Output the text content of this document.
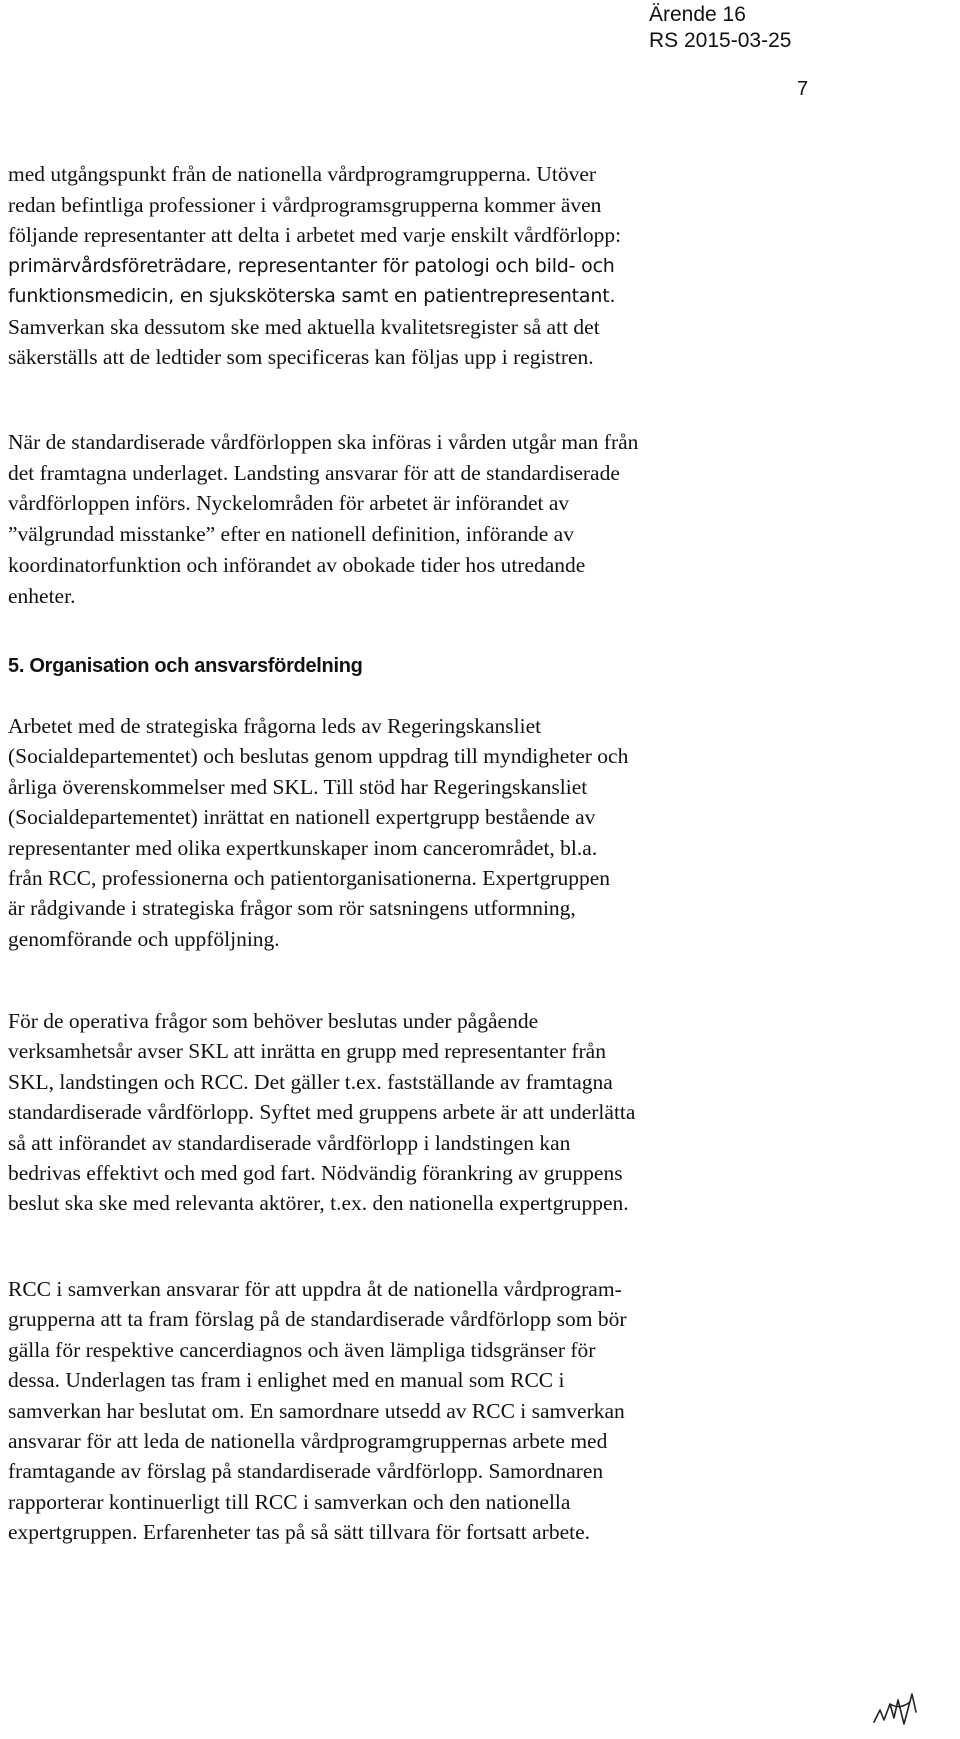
Ärende 16
RS 2015-03-25
7
med utgångspunkt från de nationella vårdprogramgrupperna. Utöver
redan befintliga professioner i vårdprogramsgrupperna kommer även
följande representanter att delta i arbetet med varje enskilt vårdförlopp:
primärvårdsföreträdare, representanter för patologi och bild- och
funktionsmedicin, en sjuksköterska samt en patientrepresentant.
Samverkan ska dessutom ske med aktuella kvalitetsregister så att det
säkerställs att de ledtider som specificeras kan följas upp i registren.
När de standardiserade vårdförloppen ska införas i vården utgår man från
det framtagna underlaget. Landsting ansvarar för att de standardiserade
vårdförloppen införs. Nyckelområden för arbetet är införandet av
”välgrundad misstanke” efter en nationell definition, införande av
koordinatorfunktion och införandet av obokade tider hos utredande
enheter.
5. Organisation och ansvarsfördelning
Arbetet med de strategiska frågorna leds av Regeringskansliet
(Socialdepartementet) och beslutas genom uppdrag till myndigheter och
årliga överenskommelser med SKL. Till stöd har Regeringskansliet
(Socialdepartementet) inrättat en nationell expertgrupp bestående av
representanter med olika expertkunskaper inom cancerområdet, bl.a.
från RCC, professionerna och patientorganisationerna. Expertgruppen
är rådgivande i strategiska frågor som rör satsningens utformning,
genomförande och uppföljning.
För de operativa frågor som behöver beslutas under pågående
verksamhetsår avser SKL att inrätta en grupp med representanter från
SKL, landstingen och RCC. Det gäller t.ex. fastställande av framtagna
standardiserade vårdförlopp. Syftet med gruppens arbete är att underlätta
så att införandet av standardiserade vårdförlopp i landstingen kan
bedrivas effektivt och med god fart. Nödvändig förankring av gruppens
beslut ska ske med relevanta aktörer, t.ex. den nationella expertgruppen.
RCC i samverkan ansvarar för att uppdra åt de nationella vårdprogram-
grupperna att ta fram förslag på de standardiserade vårdförlopp som bör
gälla för respektive cancerdiagnos och även lämpliga tidsgränser för
dessa. Underlagen tas fram i enlighet med en manual som RCC i
samverkan har beslutat om. En samordnare utsedd av RCC i samverkan
ansvarar för att leda de nationella vårdprogramgruppernas arbete med
framtagande av förslag på standardiserade vårdförlopp. Samordnaren
rapporterar kontinuerligt till RCC i samverkan och den nationella
expertgruppen. Erfarenheter tas på så sätt tillvara för fortsatt arbete.
